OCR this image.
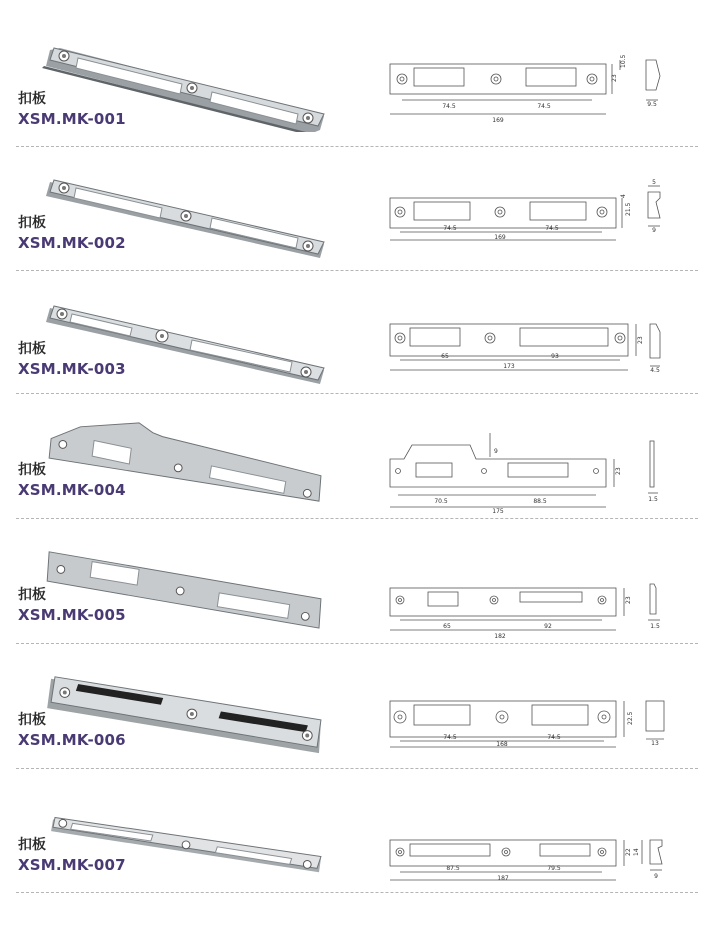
扣板
XSM.MK-001
74.5	74.5
169
23
10.5
9.5
扣板
XSM.MK-002
74.5	74.5
169
21.5
4
9
5
扣板
XSM.MK-003
65	93
173
23
4.5
扣板
XSM.MK-004
70.5	88.5
175
23
9
1.5
扣板
XSM.MK-005
65	92
182
23
1.5
扣板
XSM.MK-006	74.5	74.5
168
22.5
13
扣板
XSM.MK-007	87.5	79.5
187
22
9
14
